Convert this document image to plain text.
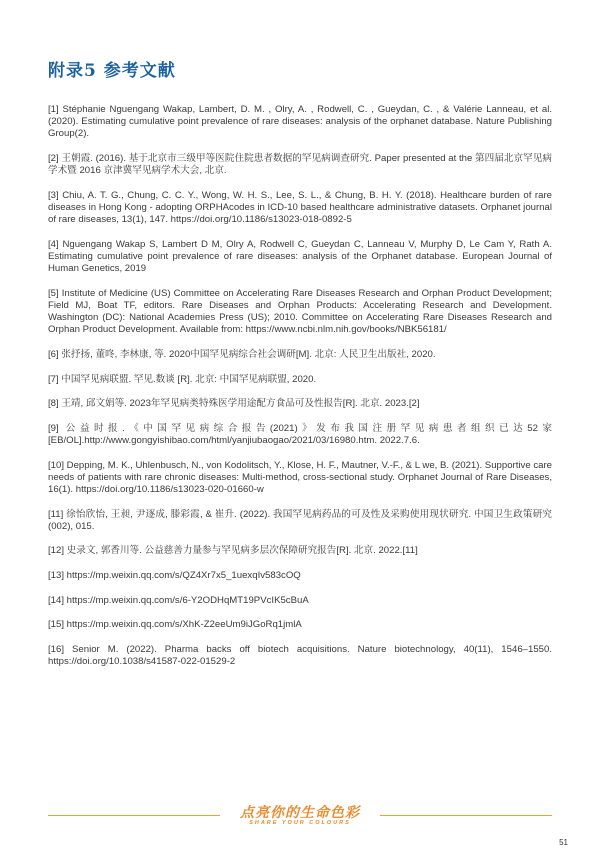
附录5 参考文献

[1] Stéphanie Nguengang Wakap, Lambert, D. M. , Olry, A. , Rodwell, C. , Gueydan, C. , & Valérie Lanneau, et al. (2020). Estimating cumulative point prevalence of rare diseases: analysis of the orphanet database. Nature Publishing Group(2).

[2] 王朝霞. (2016). 基于北京市三级甲等医院住院患者数据的罕见病调查研究. Paper presented at the 第四届北京罕见病学术暨 2016 京津冀罕见病学术大会, 北京.

[3] Chiu, A. T. G., Chung, C. C. Y., Wong, W. H. S., Lee, S. L., & Chung, B. H. Y. (2018). Healthcare burden of rare diseases in Hong Kong - adopting ORPHAcodes in ICD-10 based healthcare administrative datasets. Orphanet journal of rare diseases, 13(1), 147. https://doi.org/10.1186/s13023-018-0892-5

[4] Nguengang Wakap S, Lambert D M, Olry A, Rodwell C, Gueydan C, Lanneau V, Murphy D, Le Cam Y, Rath A. Estimating cumulative point prevalence of rare diseases: analysis of the Orphanet database. European Journal of Human Genetics, 2019

[5] Institute of Medicine (US) Committee on Accelerating Rare Diseases Research and Orphan Product Development; Field MJ, Boat TF, editors. Rare Diseases and Orphan Products: Accelerating Research and Development. Washington (DC): National Academies Press (US); 2010. Committee on Accelerating Rare Diseases Research and Orphan Product Development. Available from: https://www.ncbi.nlm.nih.gov/books/NBK56181/

[6] 张抒扬, 董咚, 李林康, 等. 2020中国罕见病综合社会调研[M]. 北京: 人民卫生出版社, 2020.

[7] 中国罕见病联盟. 罕见.数谈 [R]. 北京: 中国罕见病联盟, 2020.

[8] 王靖, 邱文娟等. 2023年罕见病类特殊医学用途配方食品可及性报告[R]. 北京. 2023.[2]

[9] 公益时报.《中国罕见病综合报告(2021)》发布我国注册罕见病患者组织已达52家[EB/OL].http://www.gongyishibao.com/html/yanjiubaogao/2021/03/16980.htm. 2022.7.6.

[10] Depping, M. K., Uhlenbusch, N., von Kodolitsch, Y., Klose, H. F., Mautner, V.-F., & L we, B. (2021). Supportive care needs of patients with rare chronic diseases: Multi-method, cross-sectional study. Orphanet Journal of Rare Diseases, 16(1). https://doi.org/10.1186/s13023-020-01660-w

[11] 徐怡欣怡, 王昶, 尹逐成, 滕彩霞, & 崔升. (2022). 我国罕见病药品的可及性及采购使用现状研究. 中国卫生政策研究(002), 015.

[12] 史录文, 郭香川等. 公益慈善力量参与罕见病多层次保障研究报告[R]. 北京. 2022.[11]

[13] https://mp.weixin.qq.com/s/QZ4Xr7x5_1uexqIv583cOQ

[14] https://mp.weixin.qq.com/s/6-Y2ODHqMT19PVcIK5cBuA

[15] https://mp.weixin.qq.com/s/XhK-Z2eeUm9iJGoRq1jmlA

[16] Senior M. (2022). Pharma backs off biotech acquisitions. Nature biotechnology, 40(11), 1546–1550. https://doi.org/10.1038/s41587-022-01529-2

点亮你的生命色彩
SHARE YOUR COLOURS
51
